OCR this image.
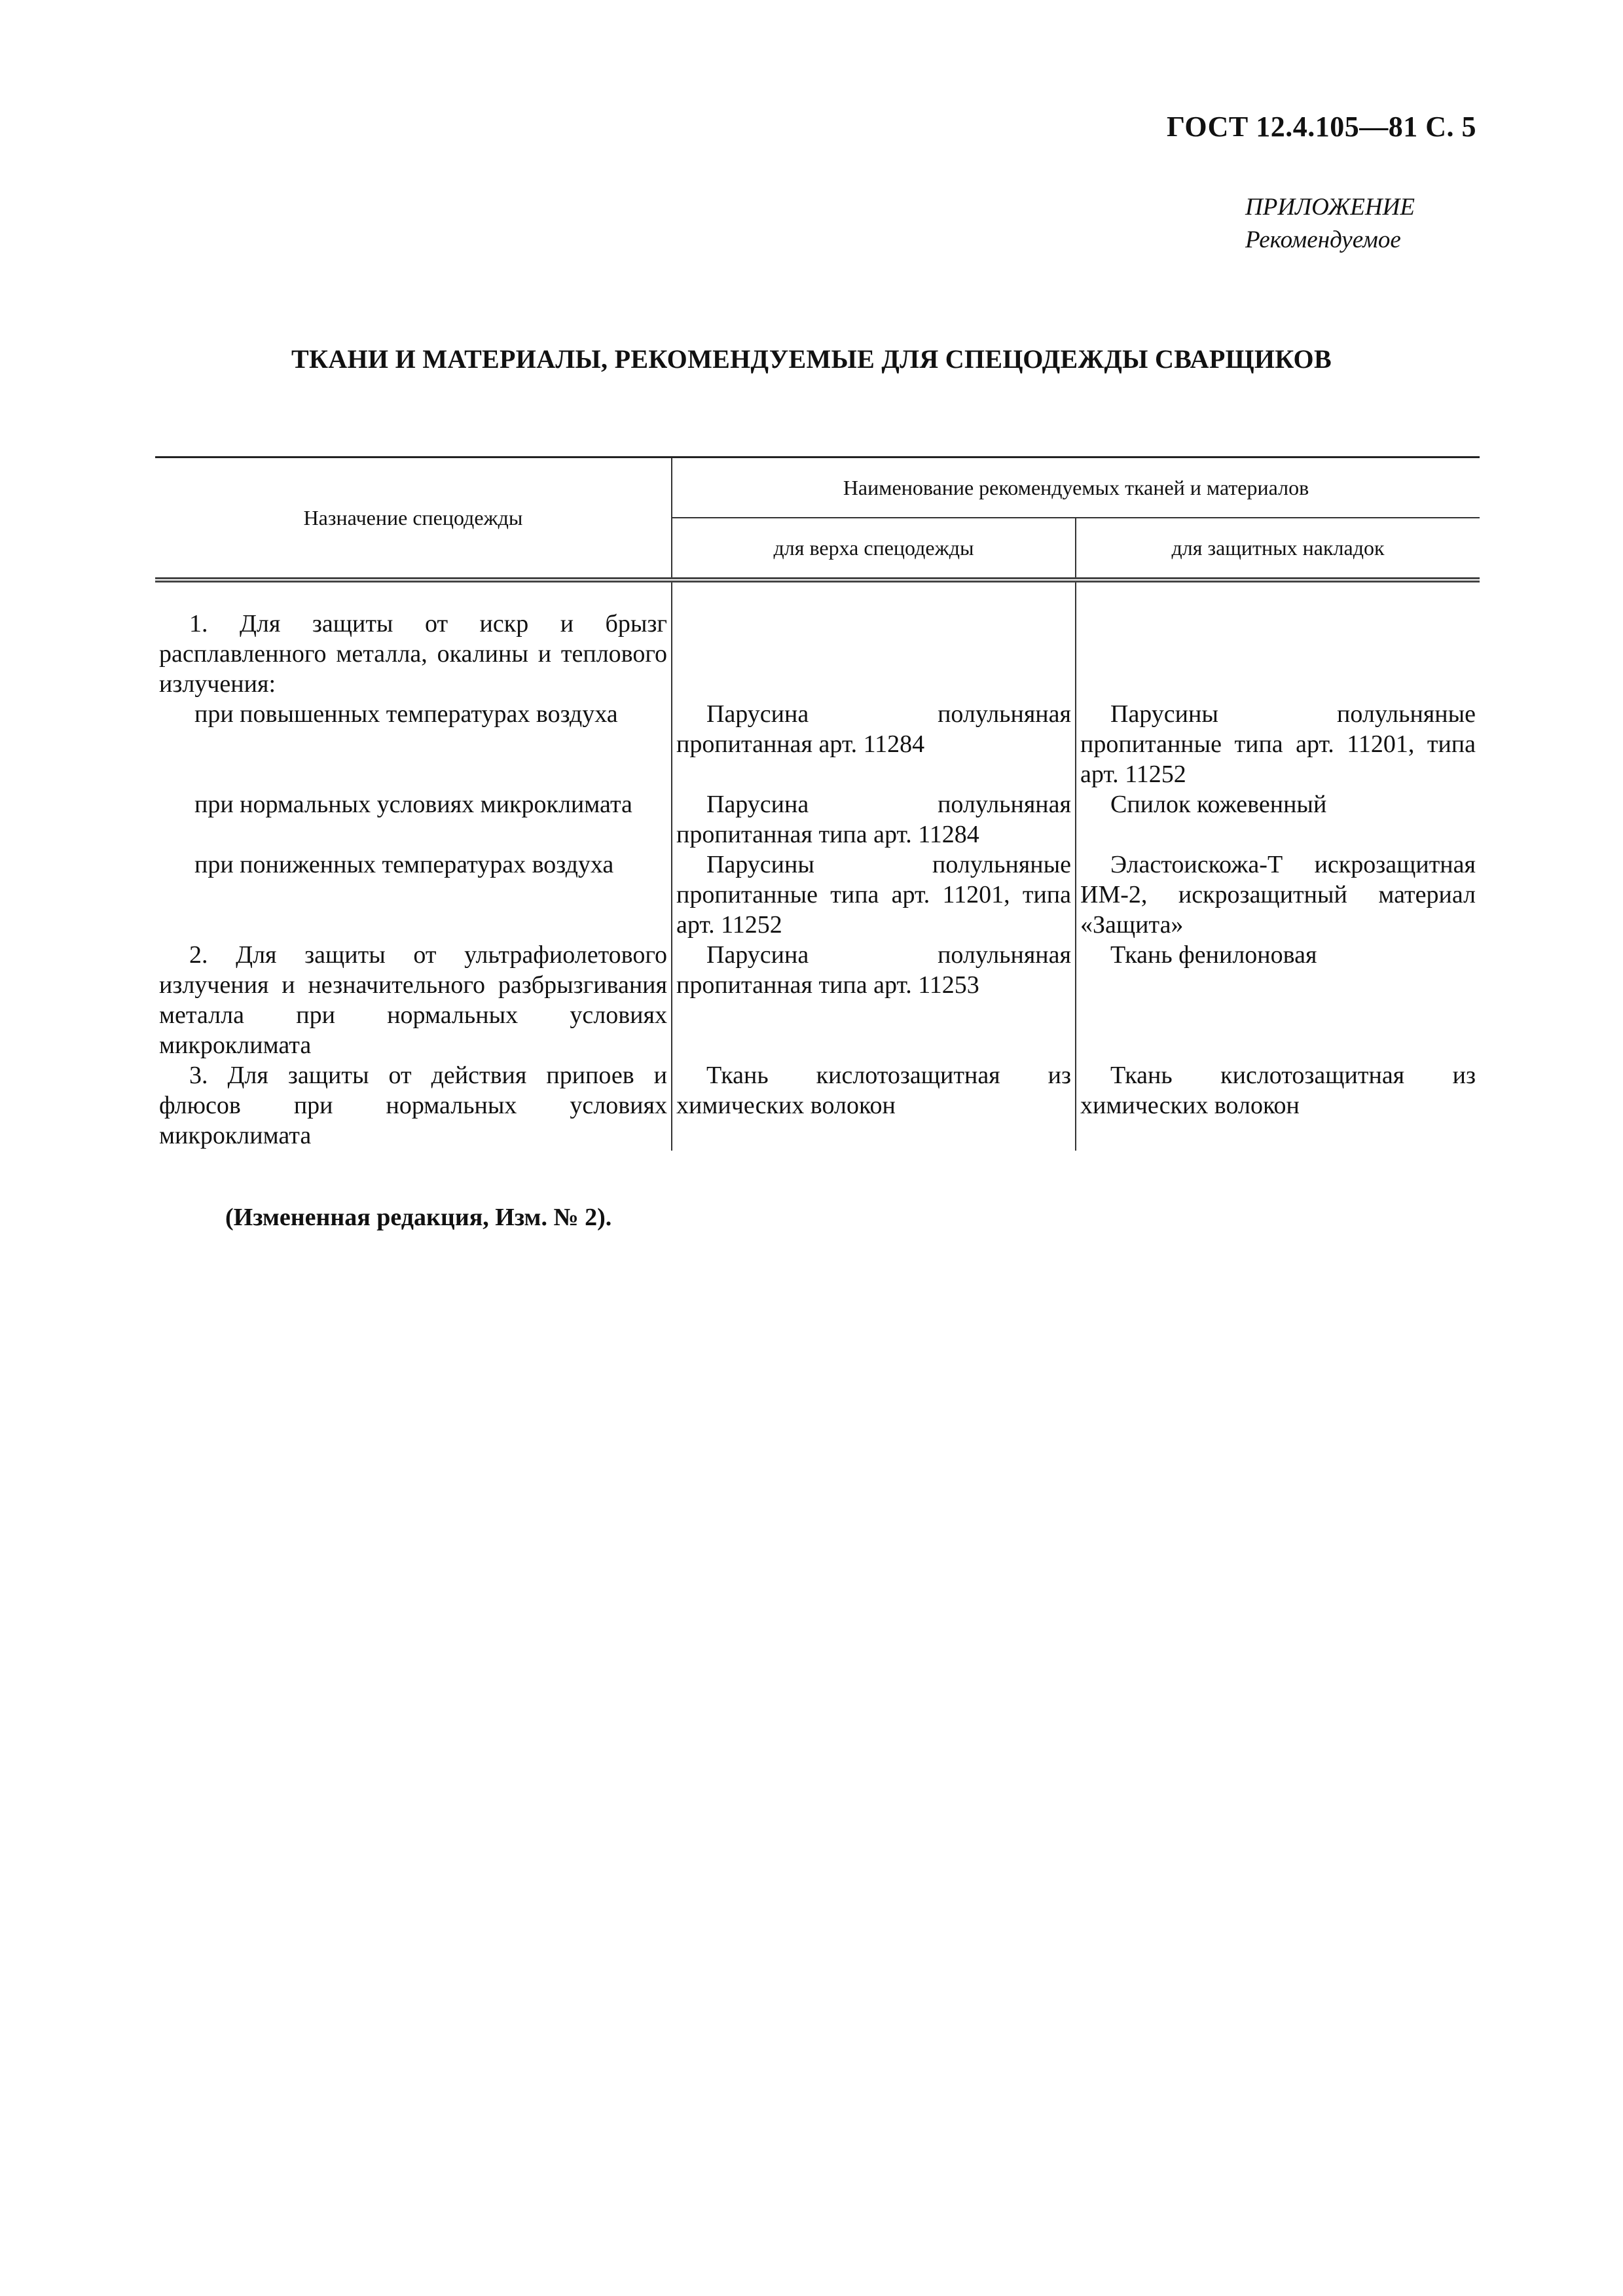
ГОСТ 12.4.105—81 С. 5
ПРИЛОЖЕНИЕ
Рекомендуемое
ТКАНИ И МАТЕРИАЛЫ, РЕКОМЕНДУЕМЫЕ ДЛЯ СПЕЦОДЕЖДЫ СВАРЩИКОВ
Назначение спецодежды	Наименование рекомендуемых тканей и материалов	
	для верха спецодежды	для защитных накладок

1. Для защиты от искр и брызг расплавленного металла, окалины и теплового излучения:		
при повышенных температурах воздуха	Парусина полульняная пропитанная арт. 11284	Парусины полульняные пропитанные типа арт. 11201, типа арт. 11252
при нормальных условиях микроклимата	Парусина полульняная пропитанная типа арт. 11284	Спилок кожевенный
при пониженных температурах воздуха	Парусины полульняные пропитанные типа арт. 11201, типа арт. 11252	Эластоискожа-Т искрозащитная ИМ-2, искрозащитный материал «Защита»
2. Для защиты от ультрафиолетового излучения и незначительного разбрызгивания металла при нормальных условиях микроклимата	Парусина полульняная пропитанная типа арт. 11253	Ткань фенилоновая
3. Для защиты от действия припоев и флюсов при нормальных условиях микроклимата	Ткань кислотозащитная из химических волокон	Ткань кислотозащитная из химических волокон
(Измененная редакция, Изм. № 2).
